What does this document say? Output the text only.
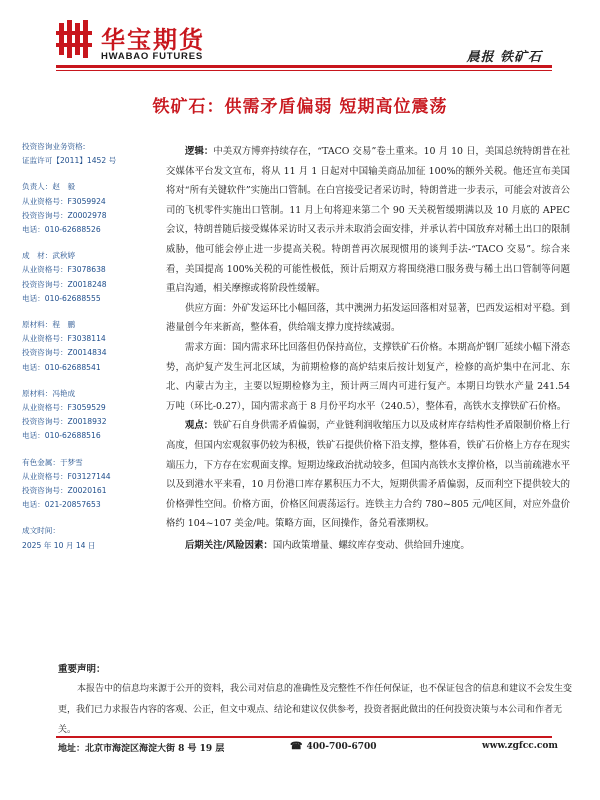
华宝期货
HWABAO FUTURES	晨报 铁矿石
铁矿石：供需矛盾偏弱 短期高位震荡

投资咨询业务资格:

证监许可【2011】1452 号

负责人：赵　毅

从业资格号：F3059924

投资咨询号：Z0002978

电话：010-62688526

成　材：武秋婷

从业资格号：F3078638

投资咨询号：Z0018248

电话：010-62688555

原材料：程　鹏

从业资格号：F3038114

投资咨询号：Z0014834

电话：010-62688541

原材料：冯艳成

从业资格号：F3059529

投资咨询号：Z0018932

电话：010-62688516

有色金属：于梦雪

从业资格号：F03127144

投资咨询号：Z0020161

电话：021-20857653

成文时间：

2025 年 10 月 14 日

逻辑：中美双方博弈持续存在，“TACO 交易”卷土重来。10 月 10 日，美国总统特朗普在社交媒体平台发文宣布，将从 11 月 1 日起对中国输美商品加征 100%的额外关税。他还宣布美国将对“所有关键软件”实施出口管制。在白宫接受记者采访时，特朗普进一步表示，可能会对波音公司的飞机零件实施出口管制。11 月上旬将迎来第二个 90 天关税暂缓期满以及 10 月底的 APEC 会议，特朗普随后接受媒体采访时又表示并未取消会面安排，并承认若中国放弃对稀土出口的限制威胁，他可能会停止进一步提高关税。特朗普再次展现惯用的谈判手法-“TACO 交易”。综合来看，美国提高 100%关税的可能性极低，预计后期双方将围绕港口服务费与稀土出口管制等问题重启沟通，相关摩擦或将阶段性缓解。

供应方面：外矿发运环比小幅回落，其中澳洲力拓发运回落相对显著，巴西发运相对平稳。到港量创今年来新高，整体看，供给端支撑力度持续减弱。

需求方面：国内需求环比回落但仍保持高位，支撑铁矿石价格。本期高炉钢厂延续小幅下滑态势，高炉复产发生河北区域，为前期检修的高炉结束后按计划复产，检修的高炉集中在河北、东北、内蒙古为主，主要以短期检修为主，预计两三周内可进行复产。本期日均铁水产量 241.54 万吨（环比-0.27），国内需求高于 8 月份平均水平（240.5），整体看，高铁水支撑铁矿石价格。

观点：铁矿石自身供需矛盾偏弱，产业链利润收缩压力以及成材库存结构性矛盾限制价格上行高度，但国内宏观叙事仍较为积极，铁矿石提供价格下沿支撑，整体看，铁矿石价格上方存在现实端压力，下方存在宏观面支撑。短期边缘政治扰动较多，但国内高铁水支撑价格，以当前疏港水平以及到港水平来看，10 月份港口库存累积压力不大，短期供需矛盾偏弱，反而利空下提供较大的价格弹性空间。价格方面，价格区间震荡运行。连铁主力合约 780~805 元/吨区间，对应外盘价格约 104~107 美金/吨。策略方面，区间操作，备兑看涨期权。

后期关注/风险因素：国内政策增量、螺纹库存变动、供给回升速度。

重要声明：
本报告中的信息均来源于公开的资料，我公司对信息的准确性及完整性不作任何保证，也不保证包含的信息和建议不会发生变更，我们已力求报告内容的客观、公正，但文中观点、结论和建议仅供参考，投资者据此做出的任何投资决策与本公司和作者无关。
地址：北京市海淀区海淀大街 8 号 19 层	☎ 400-700-6700	www.zgfcc.com
